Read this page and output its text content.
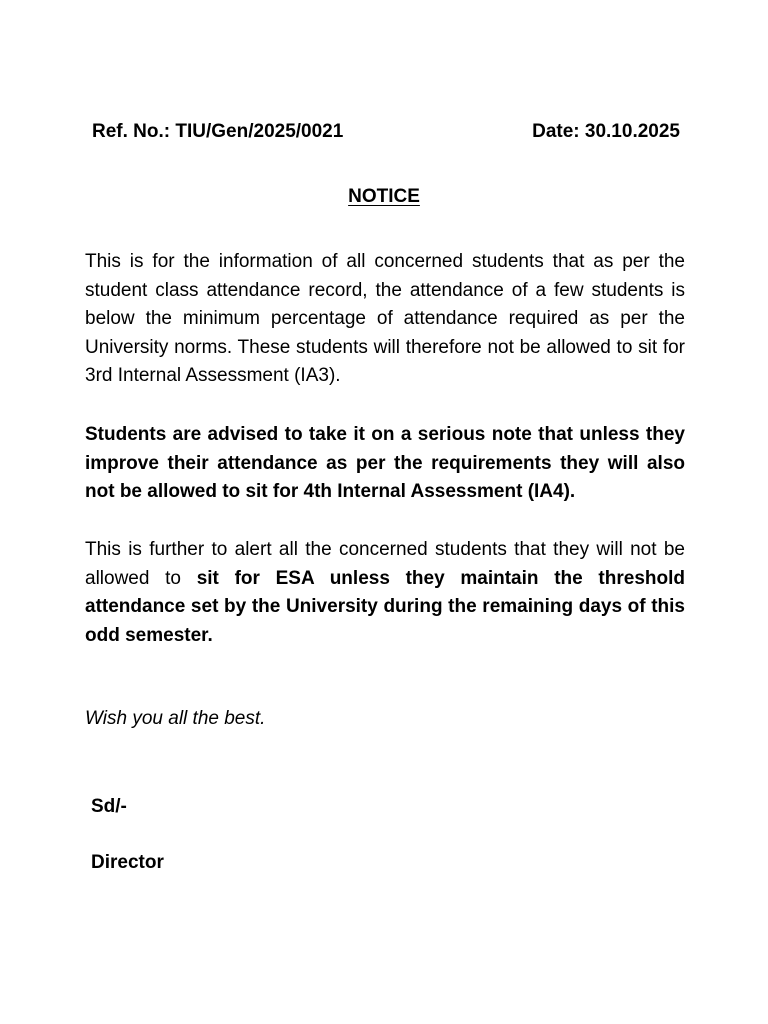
Ref. No.: TIU/Gen/2025/0021	Date: 30.10.2025
NOTICE
This is for the information of all concerned students that as per the student class attendance record, the attendance of a few students is below the minimum percentage of attendance required as per the University norms. These students will therefore not be allowed to sit for 3rd Internal Assessment (IA3).
Students are advised to take it on a serious note that unless they improve their attendance as per the requirements they will also not be allowed to sit for 4th Internal Assessment (IA4).
This is further to alert all the concerned students that they will not be allowed to sit for ESA unless they maintain the threshold attendance set by the University during the remaining days of this odd semester.
Wish you all the best.
Sd/-
Director
